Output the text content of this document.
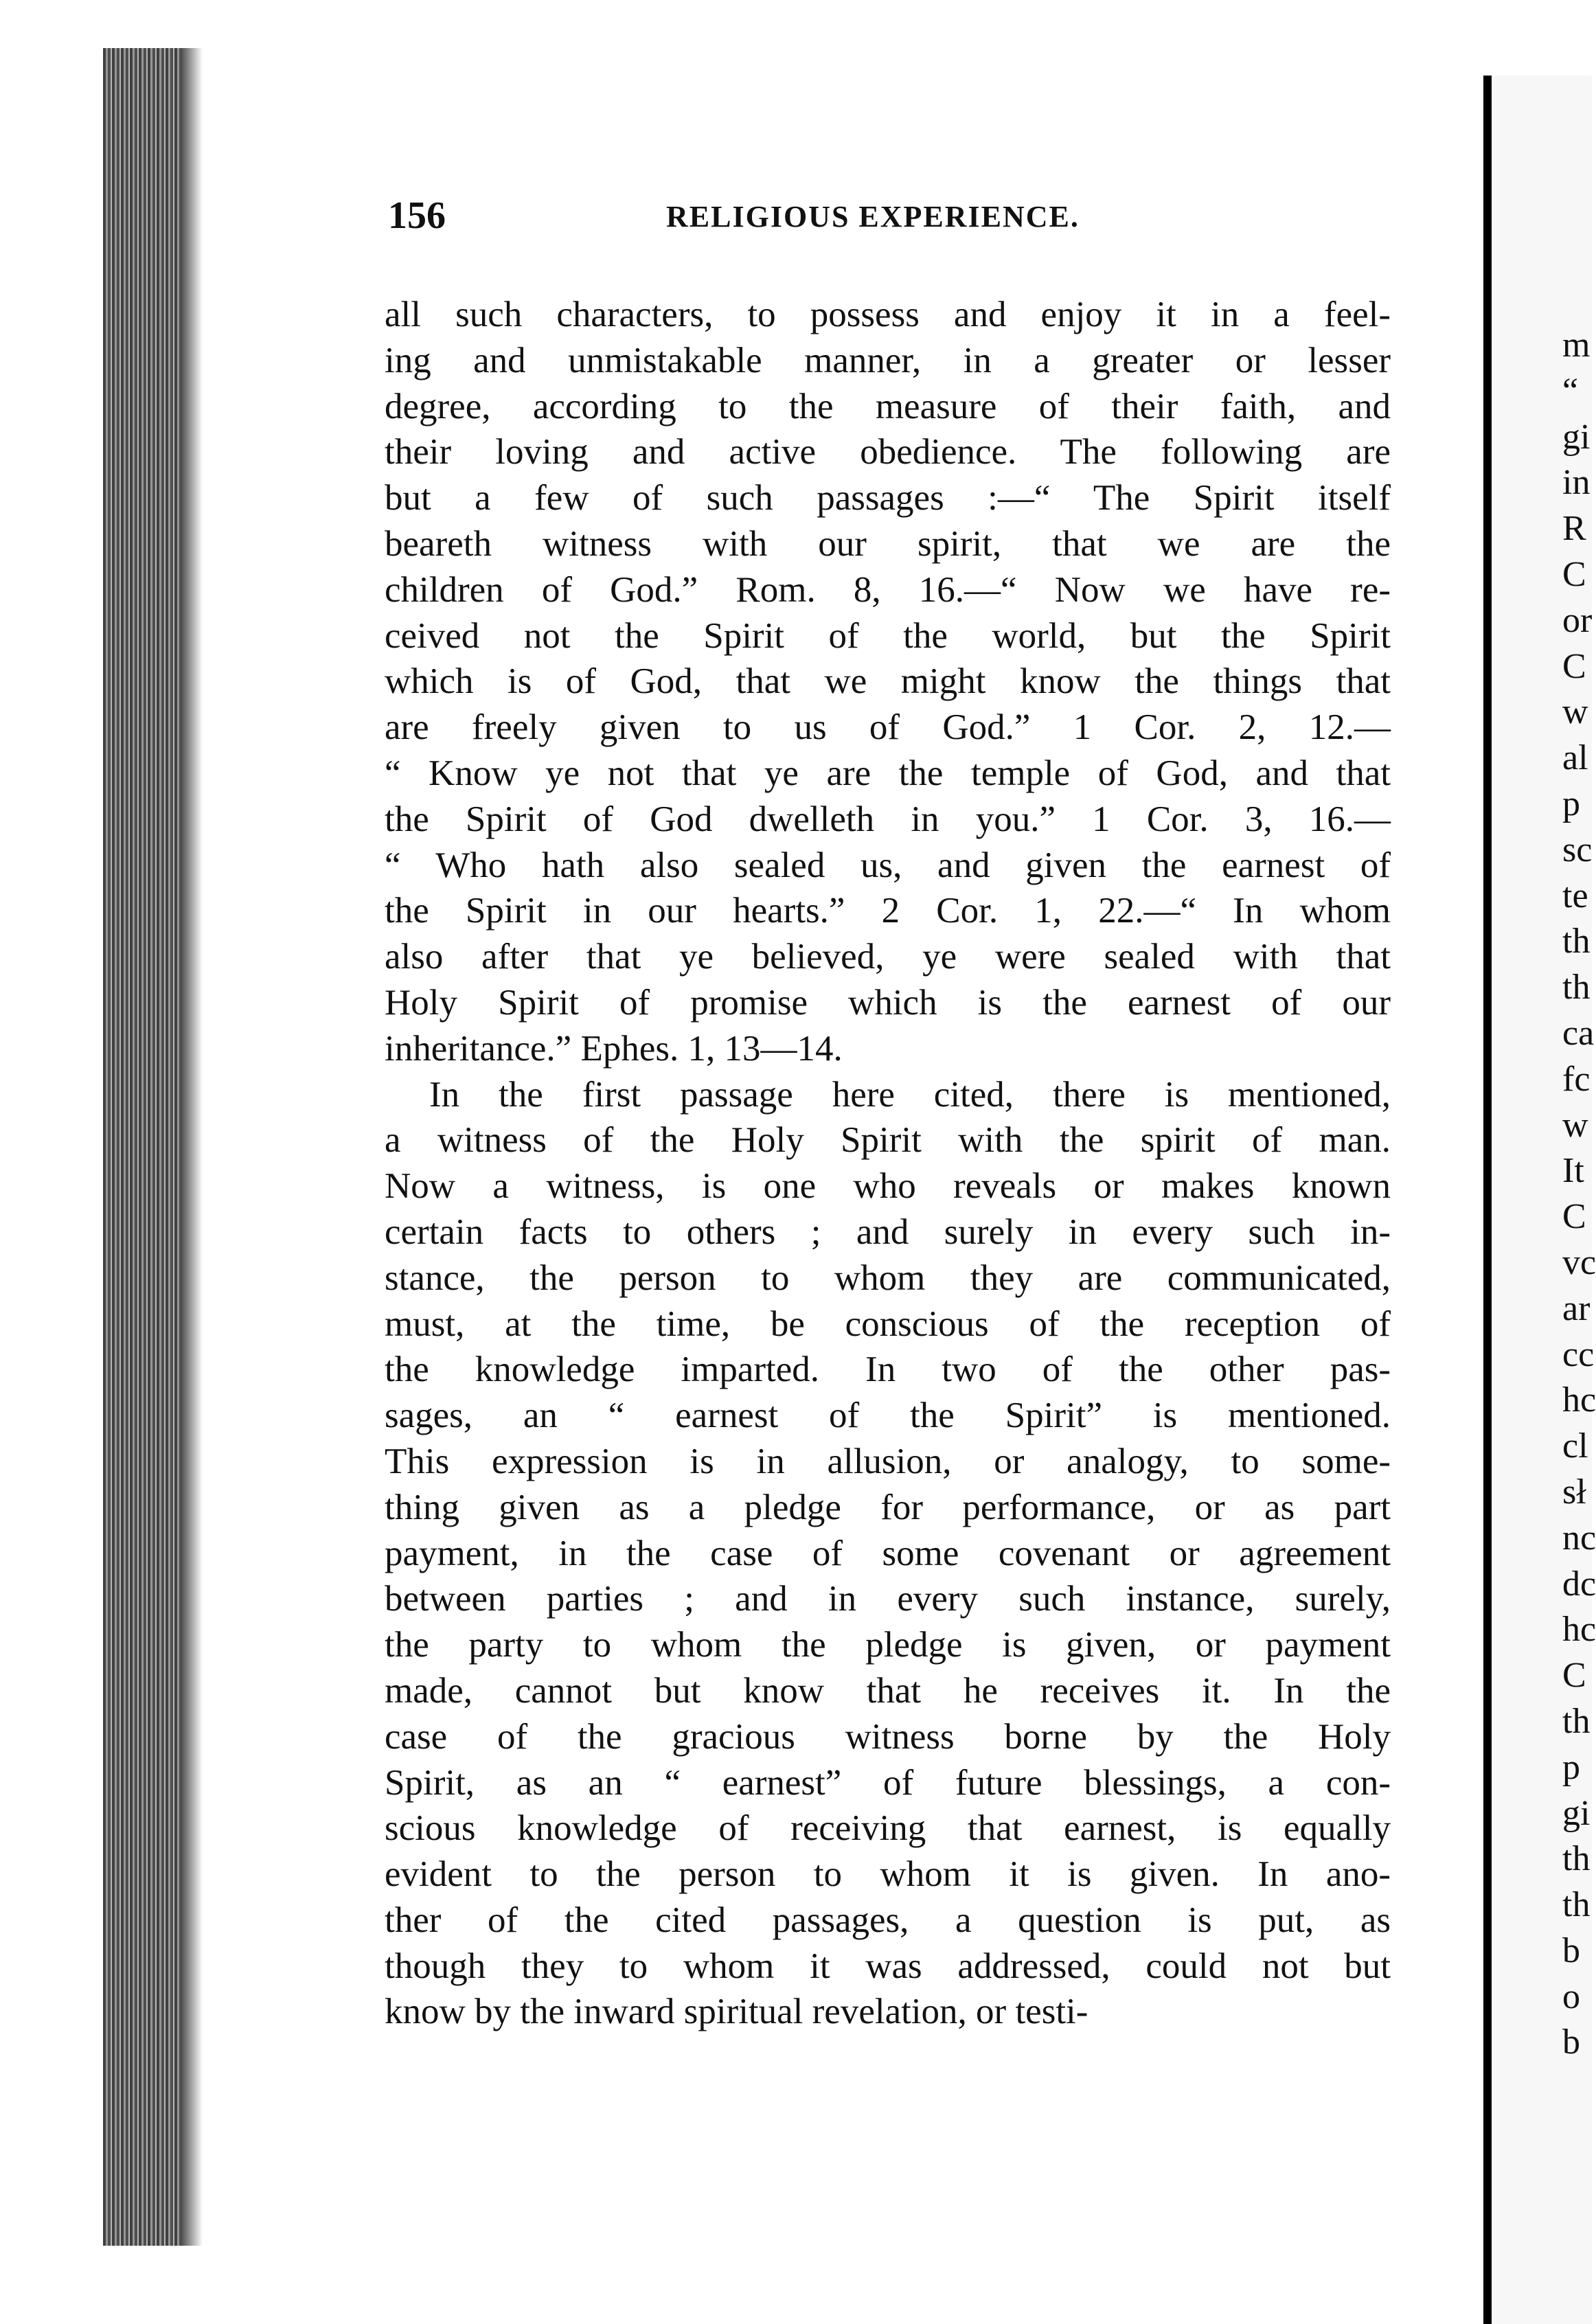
156	RELIGIOUS EXPERIENCE.
all such characters, to possess and enjoy it in a feel-
ing and unmistakable manner, in a greater or lesser
degree, according to the measure of their faith, and
their loving and active obedience. The following are
but a few of such passages :—“ The Spirit itself
beareth witness with our spirit, that we are the
children of God.” Rom. 8, 16.—“ Now we have re-
ceived not the Spirit of the world, but the Spirit
which is of God, that we might know the things that
are freely given to us of God.” 1 Cor. 2, 12.—
“ Know ye not that ye are the temple of God, and that
the Spirit of God dwelleth in you.” 1 Cor. 3, 16.—
“ Who hath also sealed us, and given the earnest of
the Spirit in our hearts.” 2 Cor. 1, 22.—“ In whom
also after that ye believed, ye were sealed with that
Holy Spirit of promise which is the earnest of our
inheritance.” Ephes. 1, 13—14.
In the first passage here cited, there is mentioned,
a witness of the Holy Spirit with the spirit of man.
Now a witness, is one who reveals or makes known
certain facts to others ; and surely in every such in-
stance, the person to whom they are communicated,
must, at the time, be conscious of the reception of
the knowledge imparted. In two of the other pas-
sages, an “ earnest of the Spirit” is mentioned.
This expression is in allusion, or analogy, to some-
thing given as a pledge for performance, or as part
payment, in the case of some covenant or agreement
between parties ; and in every such instance, surely,
the party to whom the pledge is given, or payment
made, cannot but know that he receives it. In the
case of the gracious witness borne by the Holy
Spirit, as an “ earnest” of future blessings, a con-
scious knowledge of receiving that earnest, is equally
evident to the person to whom it is given. In ano-
ther of the cited passages, a question is put, as
though they to whom it was addressed, could not but
know by the inward spiritual revelation, or testi-
m
“
gi
in
R
C
or
C
w
al
p
sc
te
th
th
ca
fc
w
It
C
vc
ar
cc
hc
cl
sł
nc
dc
hc
C
th
p
gi
th
th
b
o
b
